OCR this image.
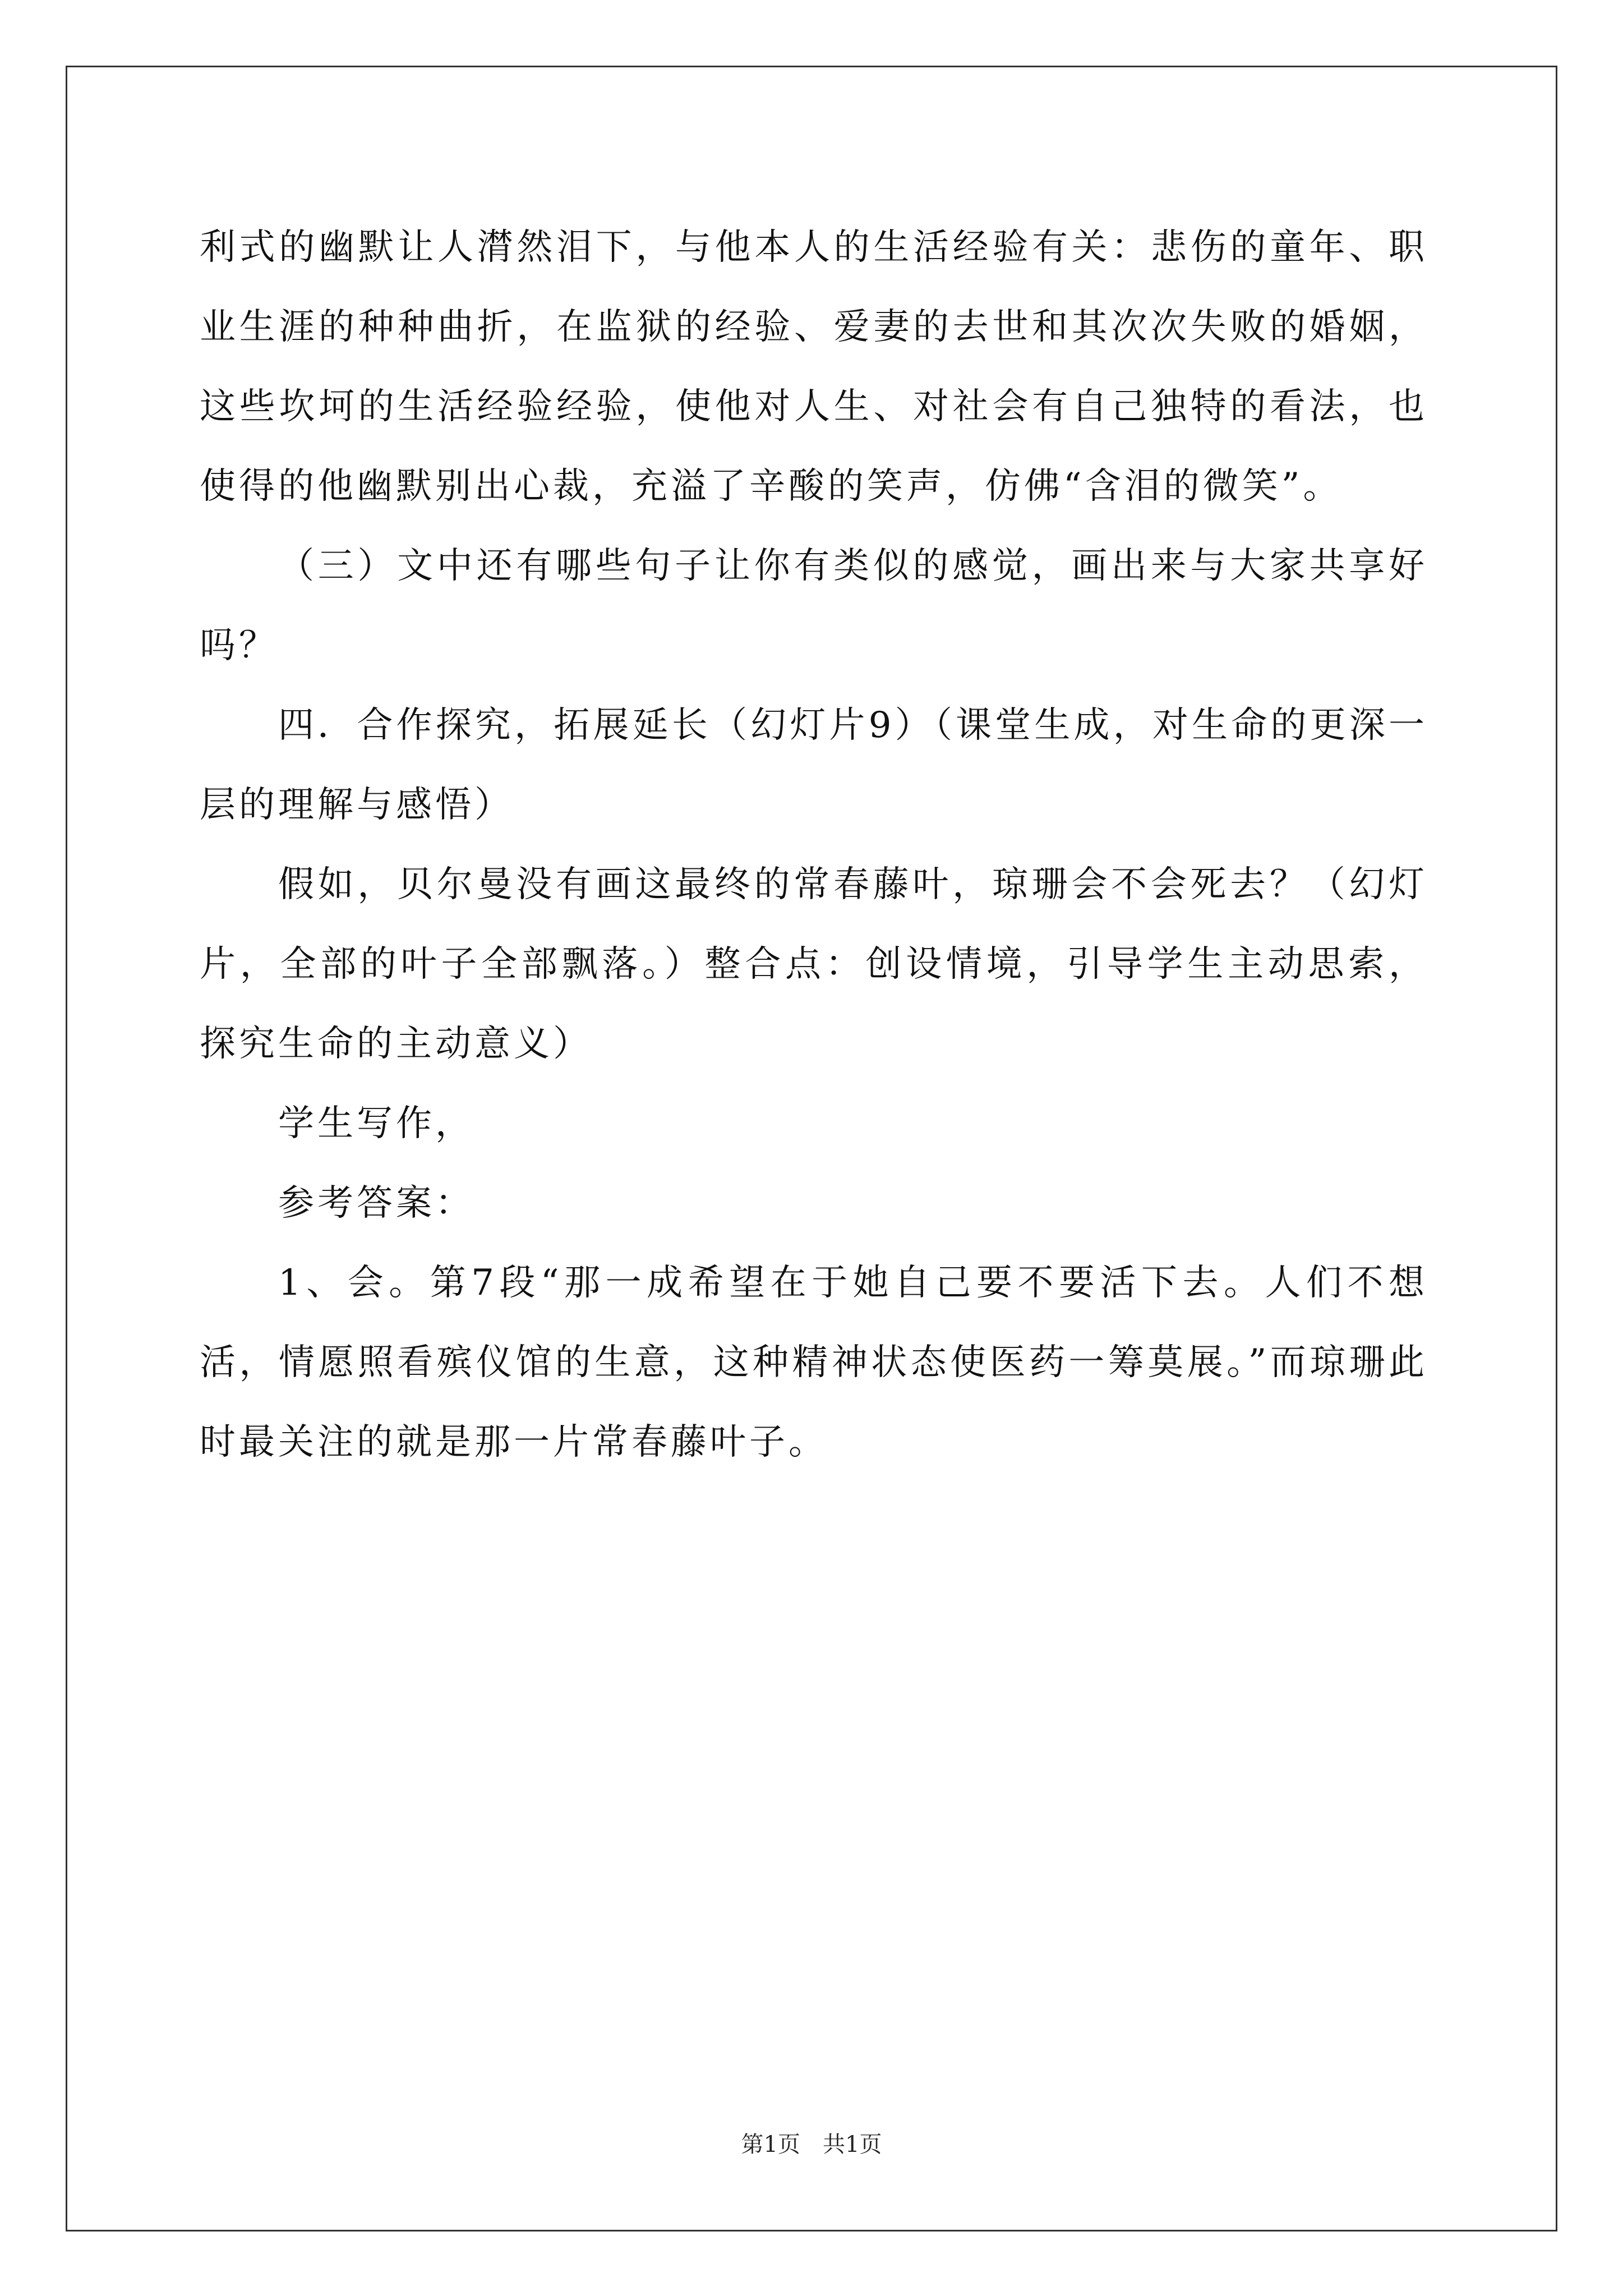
利式的幽默让人潸然泪下，与他本人的生活经验有关：悲伤的童年、职业生涯的种种曲折，在监狱的经验、爱妻的去世和其次次失败的婚姻，这些坎坷的生活经验经验，使他对人生、对社会有自己独特的看法，也使得的他幽默别出心裁，充溢了辛酸的笑声，仿佛“含泪的微笑”。

（三）文中还有哪些句子让你有类似的感觉，画出来与大家共享好吗？

四．合作探究，拓展延长（幻灯片9）（课堂生成，对生命的更深一层的理解与感悟）

假如，贝尔曼没有画这最终的常春藤叶，琼珊会不会死去？（幻灯片，全部的叶子全部飘落。）整合点：创设情境，引导学生主动思索，探究生命的主动意义）

学生写作，

参考答案：

1、会。第7段“那一成希望在于她自己要不要活下去。人们不想活，情愿照看殡仪馆的生意，这种精神状态使医药一筹莫展。”而琼珊此时最关注的就是那一片常春藤叶子。

第1页　共1页
